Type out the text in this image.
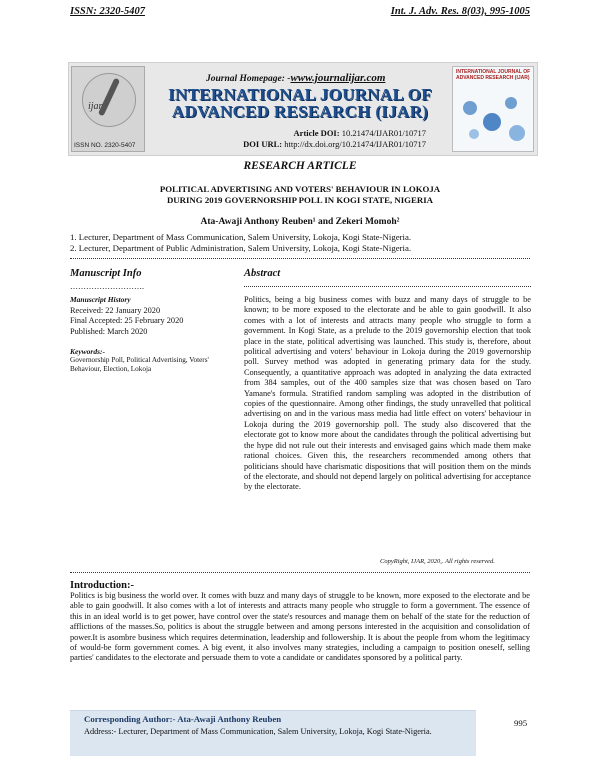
ISSN: 2320-5407	Int. J. Adv. Res. 8(03), 995-1005
ijar
ISSN NO. 2320-5407
Journal Homepage: -www.journalijar.com
INTERNATIONAL JOURNAL OF ADVANCED RESEARCH (IJAR)
Article DOI: 10.21474/IJAR01/10717
DOI URL: http://dx.doi.org/10.21474/IJAR01/10717
INTERNATIONAL JOURNAL OF ADVANCED RESEARCH (IJAR)
RESEARCH ARTICLE
POLITICAL ADVERTISING AND VOTERS' BEHAVIOUR IN LOKOJA DURING 2019 GOVERNORSHIP POLL IN KOGI STATE, NIGERIA
Ata-Awaji Anthony Reuben¹ and Zekeri Momoh²
1. Lecturer, Department of Mass Communication, Salem University, Lokoja, Kogi State-Nigeria.
2. Lecturer, Department of Public Administration, Salem University, Lokoja, Kogi State-Nigeria.
Manuscript Info
……………………….
Manuscript History
Received: 22 January 2020
Final Accepted: 25 February 2020
Published: March 2020
Keywords:-
Governorship Poll, Political Advertising, Voters' Behaviour, Election, Lokoja
Abstract
Politics, being a big business comes with buzz and many days of struggle to be known; to be more exposed to the electorate and be able to gain goodwill. It also comes with a lot of interests and attracts many people who struggle to form a government. In Kogi State, as a prelude to the 2019 governorship election that took place in the state, political advertising was launched. This study is, therefore, about political advertising and voters' behaviour in Lokoja during the 2019 governorship poll. Survey method was adopted in generating primary data for the study. Consequently, a quantitative approach was adopted in analyzing the data extracted from 384 samples, out of the 400 samples size that was chosen based on Taro Yamane's formula. Stratified random sampling was adopted in the distribution of copies of the questionnaire. Among other findings, the study unravelled that political advertising on and in the various mass media had little effect on voters' behaviour in Lokoja during the 2019 governorship poll. The study also discovered that the electorate got to know more about the candidates through the political advertising but the hype did not rule out their interests and envisaged gains which made them make rational choices. Given this, the researchers recommended among others that politicians should have charismatic dispositions that will position them on the minds of the electorate, and should not depend largely on political advertising for acceptance by the electorate.
CopyRight, IJAR, 2020,. All rights reserved.
Introduction:-
Politics is big business the world over. It comes with buzz and many days of struggle to be known, more exposed to the electorate and be able to gain goodwill. It also comes with a lot of interests and attracts many people who struggle to form a government. The essence of this in an ideal world is to get power, have control over the state's resources and manage them on behalf of the state for the reduction of afflictions of the masses.So, politics is about the struggle between and among persons interested in the acquisition and consolidation of power.It is asombre business which requires determination, leadership and followership. It is about the people from whom the legitimacy of would-be form government comes. A big event, it also involves many strategies, including a campaign to position oneself, selling parties' candidates to the electorate and persuade them to vote a candidate or candidates sponsored by a political party.
Corresponding Author:- Ata-Awaji Anthony Reuben
Address:- Lecturer, Department of Mass Communication, Salem University, Lokoja, Kogi State-Nigeria.
995
